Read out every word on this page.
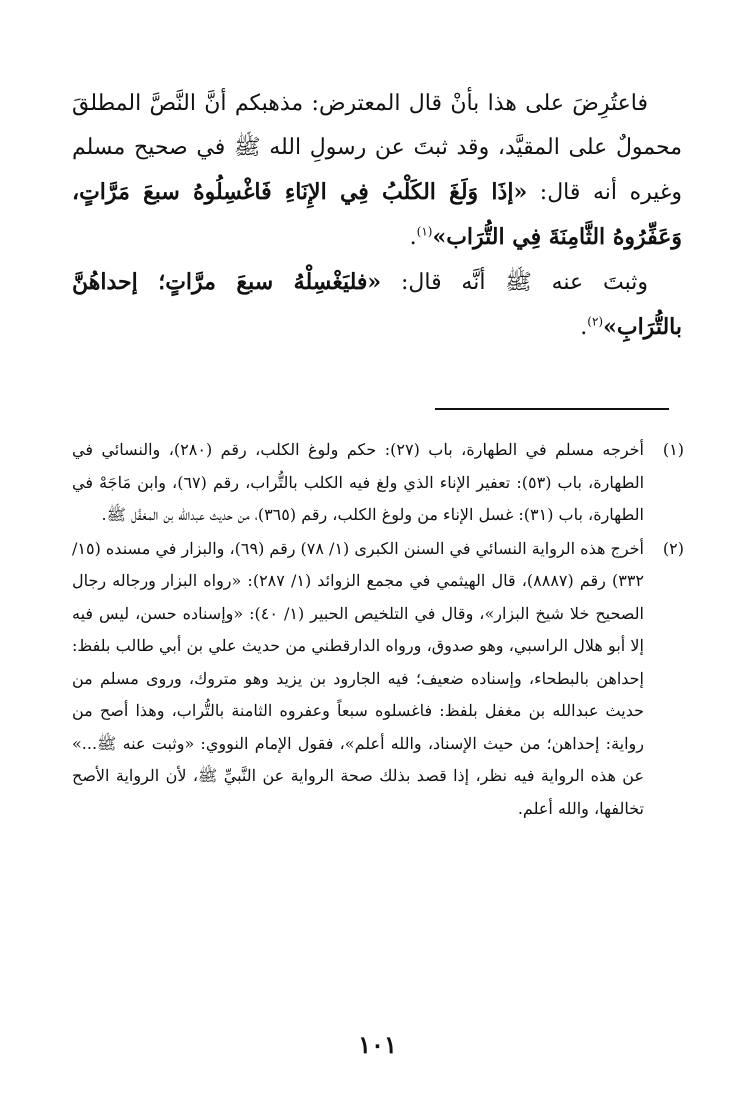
فاعتُرِضَ على هذا بأنْ قال المعترض: مذهبكم أنَّ النَّصَّ المطلقَ محمولٌ على المقيَّد، وقد ثبتَ عن رسولِ الله ﷺ في صحيح مسلم وغيره أنه قال: «إذَا وَلَغَ الكَلْبُ فِي الإِنَاءِ فَاغْسِلُوهُ سبعَ مَرَّاتٍ، وَعَفِّرُوهُ الثَّامِنَةَ فِي التُّرَاب»$^{(١)}$.

وثبتَ عنه ﷺ أنَّه قال: «فليَغْسِلْهُ سبعَ مرَّاتٍ؛ إحداهُنَّ بالتُّرَابِ»$^{(٢)}$.

(١)
أخرجه مسلم في الطهارة، باب (٢٧): حكم ولوغ الكلب، رقم (٢٨٠)، والنسائي في الطهارة، باب (٥٣): تعفير الإناء الذي ولغ فيه الكلب بالتُّراب، رقم (٦٧)، وابن مَاجَهْ في الطهارة، باب (٣١): غسل الإناء من ولوغ الكلب، رقم (٣٦٥)، من حديث عبدالله بن المغفَّل ﷺ.
(٢)
أخرج هذه الرواية النسائي في السنن الكبرى (١/ ٧٨) رقم (٦٩)، والبزار في مسنده (١٥/ ٣٣٢) رقم (٨٨٨٧)، قال الهيثمي في مجمع الزوائد (١/ ٢٨٧): «رواه البزار ورجاله رجال الصحيح خلا شيخ البزار»، وقال في التلخيص الحبير (١/ ٤٠): «وإسناده حسن، ليس فيه إلا أبو هلال الراسبي، وهو صدوق، ورواه الدارقطني من حديث علي بن أبي طالب بلفظ: إحداهن بالبطحاء، وإسناده ضعيف؛ فيه الجارود بن يزيد وهو متروك، وروى مسلم من حديث عبدالله بن مغفل بلفظ: فاغسلوه سبعاً وعفروه الثامنة بالتُّراب، وهذا أصح من رواية: إحداهن؛ من حيث الإسناد، والله أعلم»، فقول الإمام النووي: «وثبت عنه ﷺ...» عن هذه الرواية فيه نظر، إذا قصد بذلك صحة الرواية عن النَّبيِّ ﷺ، لأن الرواية الأصح تخالفها، والله أعلم.
١٠١
